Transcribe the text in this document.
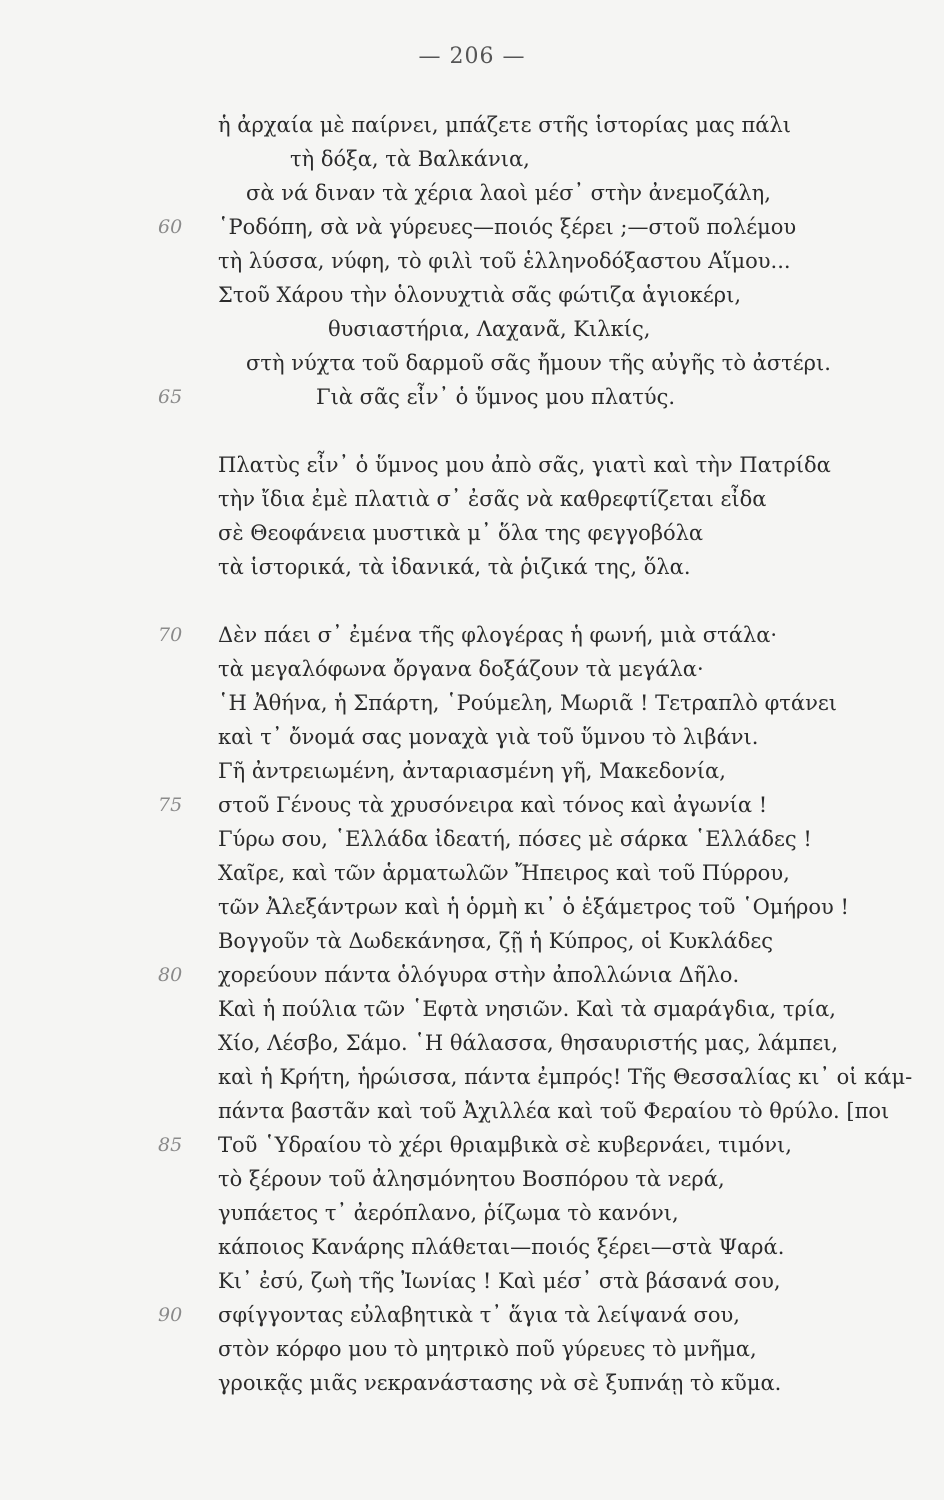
— 206 —
ἡ ἀρχαία μὲ παίρνει, μπάζετε στῆς ἱστορίας μας πάλι
τὴ δόξα, τὰ Βαλκάνια,
σὰ νά διναν τὰ χέρια λαοὶ μέσ᾽ στὴν ἀνεμοζάλη,
60 ῾Ροδόπη, σὰ νὰ γύρευες—ποιός ξέρει ;—στοῦ πολέμου
τὴ λύσσα, νύφη, τὸ φιλὶ τοῦ ἑλληνοδόξαστου Αἵμου...
Στοῦ Χάρου τὴν ὁλονυχτιὰ σᾶς φώτιζα ἁγιοκέρι,
θυσιαστήρια, Λαχανᾶ, Κιλκίς,
στὴ νύχτα τοῦ δαρμοῦ σᾶς ἤμουν τῆς αὐγῆς τὸ ἀστέρι.
65	Γιὰ σᾶς εἶν᾽ ὁ ὕμνος μου πλατύς.
Πλατὺς εἶν᾽ ὁ ὕμνος μου ἀπὸ σᾶς, γιατὶ καὶ τὴν Πατρίδα
τὴν ἴδια ἐμὲ πλατιὰ σ᾽ ἐσᾶς νὰ καθρεφτίζεται εἶδα
σὲ Θεοφάνεια μυστικὰ μ᾽ ὅλα της φεγγοβόλα
τὰ ἱστορικά, τὰ ἰδανικά, τὰ ῥιζικά της, ὅλα.
70 Δὲν πάει σ᾽ ἐμένα τῆς φλογέρας ἡ φωνή, μιὰ στάλα·
τὰ μεγαλόφωνα ὄργανα δοξάζουν τὰ μεγάλα·
῾Η Ἀθήνα, ἡ Σπάρτη, ῾Ρούμελη, Μωριᾶ ! Τετραπλὸ φτάνει
καὶ τ᾽ ὄνομά σας μοναχὰ γιὰ τοῦ ὕμνου τὸ λιβάνι.
Γῆ ἀντρειωμένη, ἀνταριασμένη γῆ, Μακεδονία,
75 στοῦ Γένους τὰ χρυσόνειρα καὶ τόνος καὶ ἀγωνία !
Γύρω σου, ῾Ελλάδα ἰδεατή, πόσες μὲ σάρκα ῾Ελλάδες !
Χαῖρε, καὶ τῶν ἁρματωλῶν Ἤπειρος καὶ τοῦ Πύρρου,
τῶν Ἀλεξάντρων καὶ ἡ ὁρμὴ κι᾽ ὁ ἑξάμετρος τοῦ ῾Ομήρου !
Βογγοῦν τὰ Δωδεκάνησα, ζῇ ἡ Κύπρος, οἱ Κυκλάδες
80 χορεύουν πάντα ὁλόγυρα στὴν ἀπολλώνια Δῆλο.
Καὶ ἡ πούλια τῶν ῾Εφτὰ νησιῶν. Καὶ τὰ σμαράγδια, τρία,
Χίο, Λέσβο, Σάμο. ῾Η θάλασσα, θησαυριστής μας, λάμπει,
καὶ ἡ Κρήτη, ἡρώισσα, πάντα ἐμπρός! Τῆς Θεσσαλίας κι᾽ οἱ κάμ-
πάντα βαστᾶν καὶ τοῦ Ἀχιλλέα καὶ τοῦ Φεραίου τὸ θρύλο. [ποι
85 Τοῦ ῾Υδραίου τὸ χέρι θριαμβικὰ σὲ κυβερνάει, τιμόνι,
τὸ ξέρουν τοῦ ἀλησμόνητου Βοσπόρου τὰ νερά,
γυπάετος τ᾽ ἀερόπλανο, ῥίζωμα τὸ κανόνι,
κάποιος Κανάρης πλάθεται—ποιός ξέρει—στὰ Ψαρά.
Κι᾽ ἐσύ, ζωὴ τῆς Ἰωνίας ! Καὶ μέσ᾽ στὰ βάσανά σου,
90 σφίγγοντας εὐλαβητικὰ τ᾽ ἅγια τὰ λείψανά σου,
στὸν κόρφο μου τὸ μητρικὸ ποῦ γύρευες τὸ μνῆμα,
γροικᾷς μιᾶς νεκρανάστασης νὰ σὲ ξυπνάῃ τὸ κῦμα.
